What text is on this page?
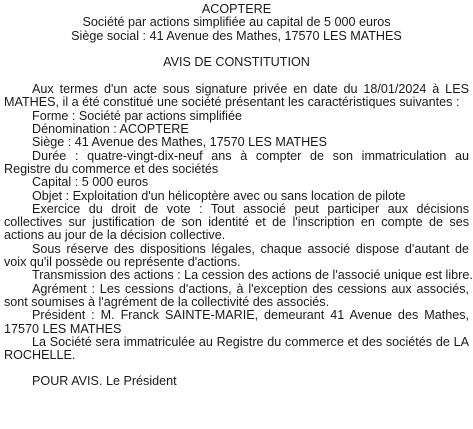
ACOPTERE

Société par actions simplifiée au capital de 5 000 euros

Siège social : 41 Avenue des Mathes, 17570 LES MATHES

AVIS DE CONSTITUTION

Aux termes d'un acte sous signature privée en date du 18/01/2024 à LES MATHES, il a été constitué une société présentant les caractéristiques suivantes :

Forme : Société par actions simplifiée

Dénomination : ACOPTERE

Siège : 41 Avenue des Mathes, 17570 LES MATHES

Durée : quatre-vingt-dix-neuf ans à compter de son immatriculation au Registre du commerce et des sociétés

Capital : 5 000 euros

Objet : Exploitation d'un hélicoptère avec ou sans location de pilote

Exercice du droit de vote : Tout associé peut participer aux décisions collectives sur justification de son identité et de l'inscription en compte de ses actions au jour de la décision collective.

Sous réserve des dispositions légales, chaque associé dispose d'autant de voix qu'il possède ou représente d'actions.

Transmission des actions : La cession des actions de l'associé unique est libre.

Agrément : Les cessions d'actions, à l'exception des cessions aux associés, sont soumises à l'agrément de la collectivité des associés.

Président : M. Franck SAINTE-MARIE, demeurant 41 Avenue des Mathes, 17570 LES MATHES

La Société sera immatriculée au Registre du commerce et des sociétés de LA ROCHELLE.

POUR AVIS. Le Président
